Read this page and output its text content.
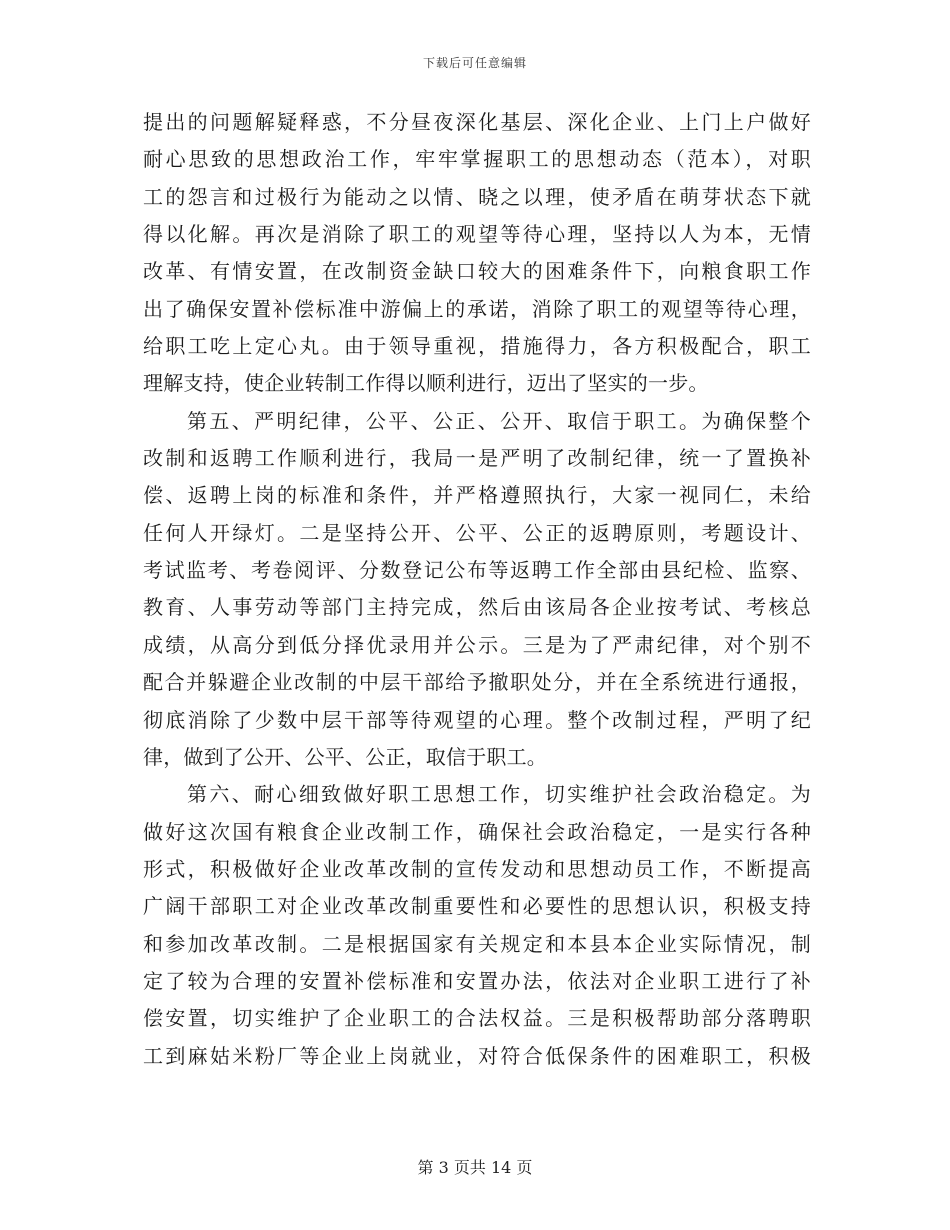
下载后可任意编辑
提出的问题解疑释惑，不分昼夜深化基层、深化企业、上门上户做好
耐心思致的思想政治工作，牢牢掌握职工的思想动态（范本），对职
工的怨言和过极行为能动之以情、晓之以理，使矛盾在萌芽状态下就
得以化解。再次是消除了职工的观望等待心理，坚持以人为本，无情
改革、有情安置，在改制资金缺口较大的困难条件下，向粮食职工作
出了确保安置补偿标准中游偏上的承诺，消除了职工的观望等待心理，
给职工吃上定心丸。由于领导重视，措施得力，各方积极配合，职工
理解支持，使企业转制工作得以顺利进行，迈出了坚实的一步。
第五、严明纪律，公平、公正、公开、取信于职工。为确保整个
改制和返聘工作顺利进行，我局一是严明了改制纪律，统一了置换补
偿、返聘上岗的标准和条件，并严格遵照执行，大家一视同仁，未给
任何人开绿灯。二是坚持公开、公平、公正的返聘原则，考题设计、
考试监考、考卷阅评、分数登记公布等返聘工作全部由县纪检、监察、
教育、人事劳动等部门主持完成，然后由该局各企业按考试、考核总
成绩，从高分到低分择优录用并公示。三是为了严肃纪律，对个别不
配合并躲避企业改制的中层干部给予撤职处分，并在全系统进行通报，
彻底消除了少数中层干部等待观望的心理。整个改制过程，严明了纪
律，做到了公开、公平、公正，取信于职工。
第六、耐心细致做好职工思想工作，切实维护社会政治稳定。为
做好这次国有粮食企业改制工作，确保社会政治稳定，一是实行各种
形式，积极做好企业改革改制的宣传发动和思想动员工作，不断提高
广阔干部职工对企业改革改制重要性和必要性的思想认识，积极支持
和参加改革改制。二是根据国家有关规定和本县本企业实际情况，制
定了较为合理的安置补偿标准和安置办法，依法对企业职工进行了补
偿安置，切实维护了企业职工的合法权益。三是积极帮助部分落聘职
工到麻姑米粉厂等企业上岗就业，对符合低保条件的困难职工，积极
第 3 页共 14 页
